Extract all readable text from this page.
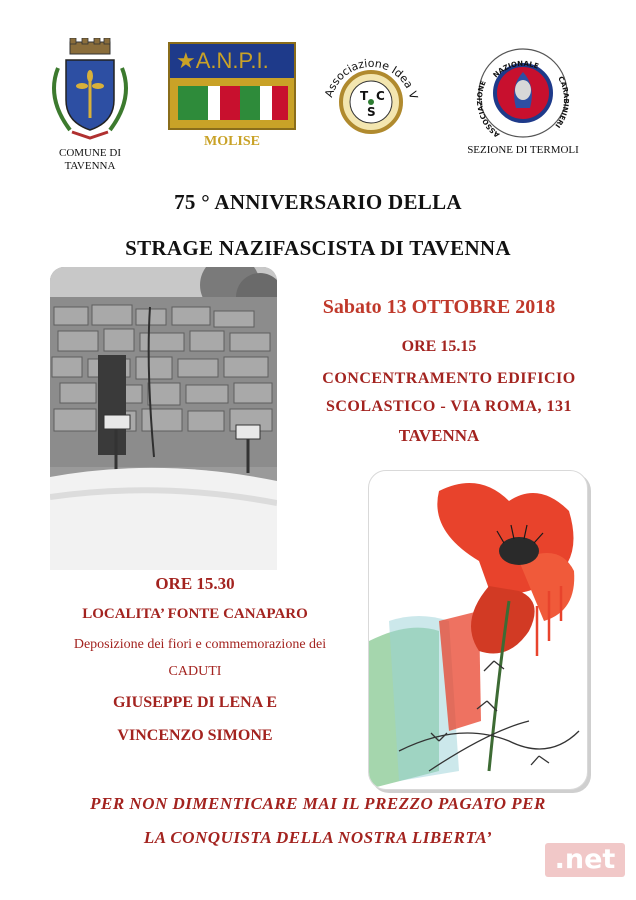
COMUNE DI
TAVENNA
★A.N.P.I.
MOLISE
Associazione Idea V
T C
S
NAZIONALE
ASSOCIAZIONE	CARABINIERI
SEZIONE DI TERMOLI
75 ° ANNIVERSARIO DELLA
STRAGE NAZIFASCISTA DI TAVENNA
Sabato 13 OTTOBRE 2018
ORE 15.15
CONCENTRAMENTO EDIFICIO
SCOLASTICO - VIA ROMA, 131
TAVENNA
ORE 15.30
LOCALITA’ FONTE CANAPARO
Deposizione dei fiori e commemorazione dei
CADUTI
GIUSEPPE DI LENA E
VINCENZO SIMONE
PER NON DIMENTICARE MAI IL PREZZO PAGATO PER
LA CONQUISTA DELLA NOSTRA LIBERTA’
.net
